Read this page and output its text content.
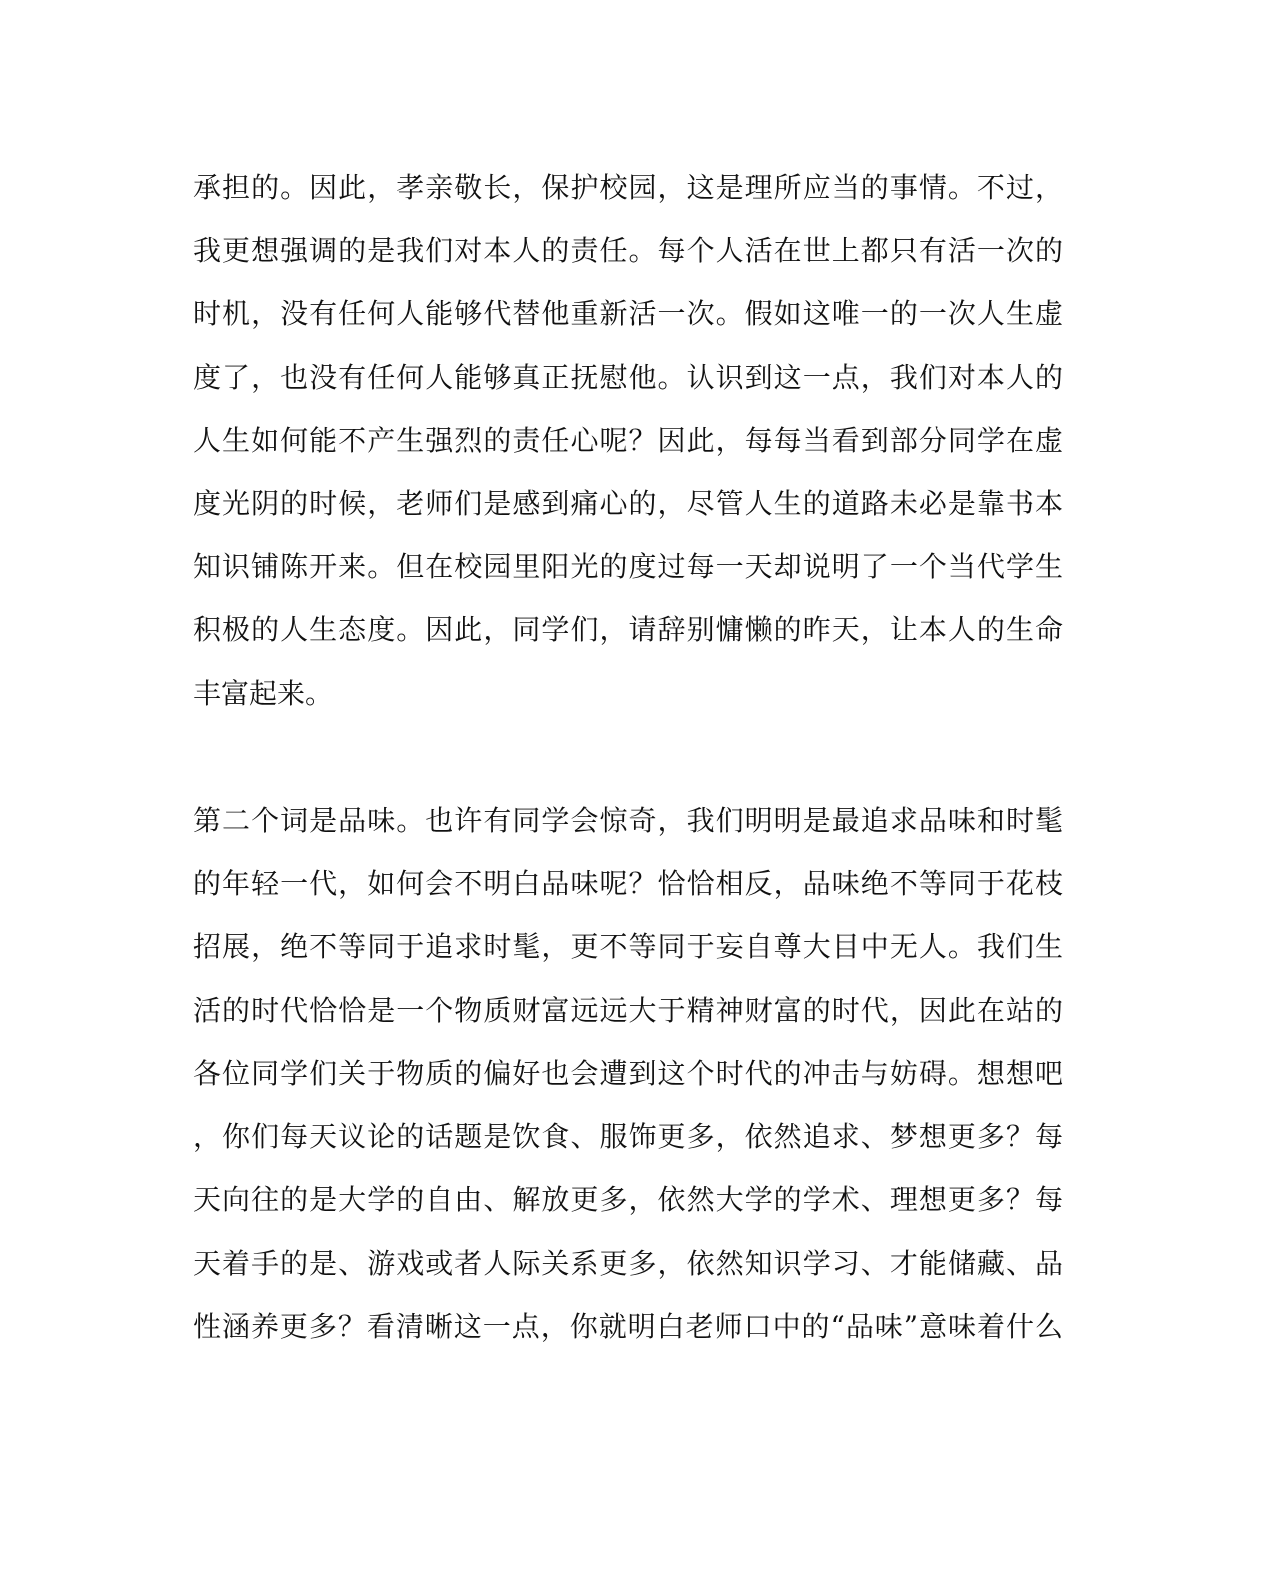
承担的。因此，孝亲敬长，保护校园，这是理所应当的事情。不过，
我更想强调的是我们对本人的责任。每个人活在世上都只有活一次的
时机，没有任何人能够代替他重新活一次。假如这唯一的一次人生虚
度了，也没有任何人能够真正抚慰他。认识到这一点，我们对本人的
人生如何能不产生强烈的责任心呢？因此，每每当看到部分同学在虚
度光阴的时候，老师们是感到痛心的，尽管人生的道路未必是靠书本
知识铺陈开来。但在校园里阳光的度过每一天却说明了一个当代学生
积极的人生态度。因此，同学们，请辞别慵懒的昨天，让本人的生命
丰富起来。
第二个词是品味。也许有同学会惊奇，我们明明是最追求品味和时髦
的年轻一代，如何会不明白品味呢？恰恰相反，品味绝不等同于花枝
招展，绝不等同于追求时髦，更不等同于妄自尊大目中无人。我们生
活的时代恰恰是一个物质财富远远大于精神财富的时代，因此在站的
各位同学们关于物质的偏好也会遭到这个时代的冲击与妨碍。想想吧
，你们每天议论的话题是饮食、服饰更多，依然追求、梦想更多？每
天向往的是大学的自由、解放更多，依然大学的学术、理想更多？每
天着手的是、游戏或者人际关系更多，依然知识学习、才能储藏、品
性涵养更多？看清晰这一点，你就明白老师口中的“品味”意味着什么
